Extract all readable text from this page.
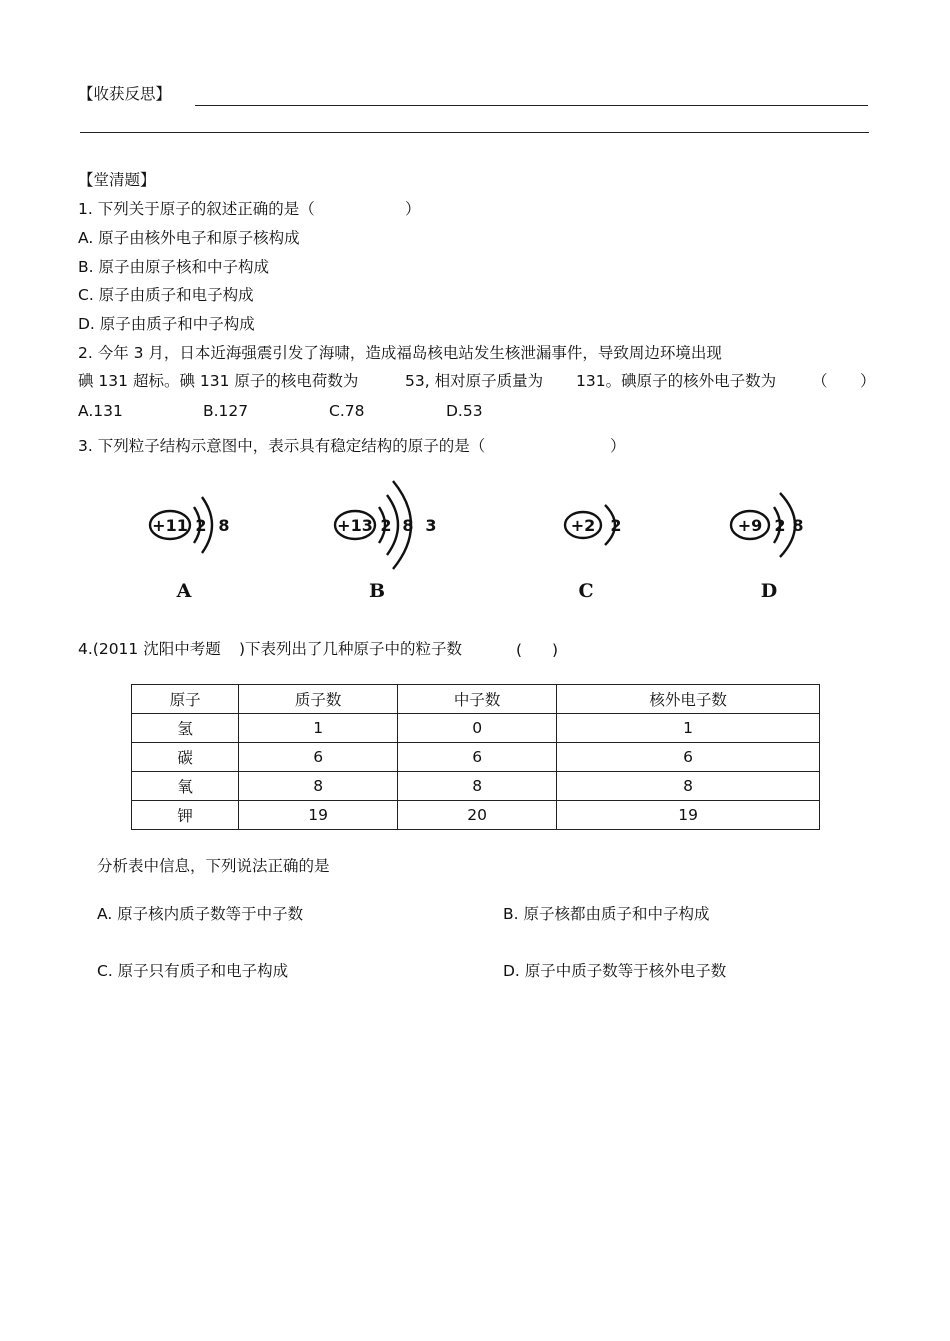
【收获反思】
【堂清题】
1. 下列关于原子的叙述正确的是（	）
A. 原子由核外电子和原子核构成
B. 原子由原子核和中子构成
C. 原子由质子和电子构成
D. 原子由质子和中子构成
2. 今年 3 月，日本近海强震引发了海啸，造成福岛核电站发生核泄漏事件，导致周边环境出现
碘 131 超标。碘 131 原子的核电荷数为	53, 相对原子质量为 131。碘原子的核外电子数为 （ ）
A.131	B.127	C.78	D.53
3. 下列粒子结构示意图中，表示具有稳定结构的原子的是（	）
+11 2 8
A
+13 2 8 3
B
+2 2
C
+9 2 8
D
4.(2011 沈阳中考题 )下表列出了几种原子中的粒子数	( )
原子	质子数	中子数	核外电子数
氢	1	0	1
碳	6	6	6
氧	8	8	8
钾	19	20	19
分析表中信息，下列说法正确的是
A. 原子核内质子数等于中子数	B. 原子核都由质子和中子构成
C. 原子只有质子和电子构成	D. 原子中质子数等于核外电子数
